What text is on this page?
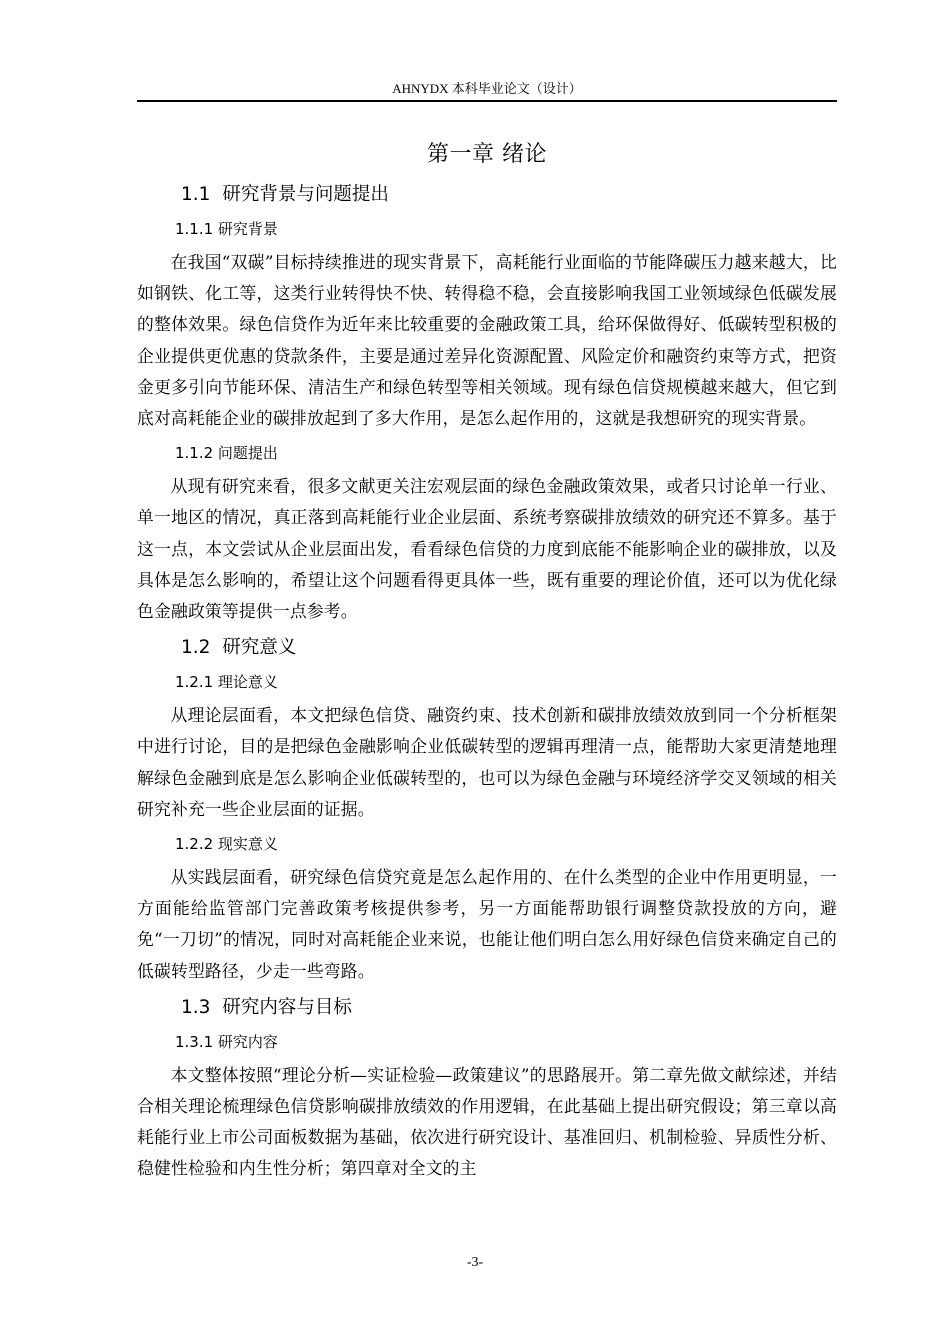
AHNYDX 本科毕业论文（设计）
第一章 绪论
1.1 研究背景与问题提出
1.1.1 研究背景

在我国“双碳”目标持续推进的现实背景下，高耗能行业面临的节能降碳压力越来越大，比如钢铁、化工等，这类行业转得快不快、转得稳不稳，会直接影响我国工业领域绿色低碳发展的整体效果。绿色信贷作为近年来比较重要的金融政策工具，给环保做得好、低碳转型积极的企业提供更优惠的贷款条件，主要是通过差异化资源配置、风险定价和融资约束等方式，把资金更多引向节能环保、清洁生产和绿色转型等相关领域。现有绿色信贷规模越来越大，但它到底对高耗能企业的碳排放起到了多大作用，是怎么起作用的，这就是我想研究的现实背景。

1.1.2 问题提出

从现有研究来看，很多文献更关注宏观层面的绿色金融政策效果，或者只讨论单一行业、单一地区的情况，真正落到高耗能行业企业层面、系统考察碳排放绩效的研究还不算多。基于这一点，本文尝试从企业层面出发，看看绿色信贷的力度到底能不能影响企业的碳排放，以及具体是怎么影响的，希望让这个问题看得更具体一些，既有重要的理论价值，还可以为优化绿色金融政策等提供一点参考。

1.2 研究意义
1.2.1 理论意义

从理论层面看，本文把绿色信贷、融资约束、技术创新和碳排放绩效放到同一个分析框架中进行讨论，目的是把绿色金融影响企业低碳转型的逻辑再理清一点，能帮助大家更清楚地理解绿色金融到底是怎么影响企业低碳转型的，也可以为绿色金融与环境经济学交叉领域的相关研究补充一些企业层面的证据。

1.2.2 现实意义

从实践层面看，研究绿色信贷究竟是怎么起作用的、在什么类型的企业中作用更明显，一方面能给监管部门完善政策考核提供参考，另一方面能帮助银行调整贷款投放的方向，避免“一刀切”的情况，同时对高耗能企业来说，也能让他们明白怎么用好绿色信贷来确定自己的低碳转型路径，少走一些弯路。

1.3 研究内容与目标
1.3.1 研究内容

本文整体按照“理论分析—实证检验—政策建议”的思路展开。第二章先做文献综述，并结合相关理论梳理绿色信贷影响碳排放绩效的作用逻辑，在此基础上提出研究假设；第三章以高耗能行业上市公司面板数据为基础，依次进行研究设计、基准回归、机制检验、异质性分析、稳健性检验和内生性分析；第四章对全文的主

-3-
